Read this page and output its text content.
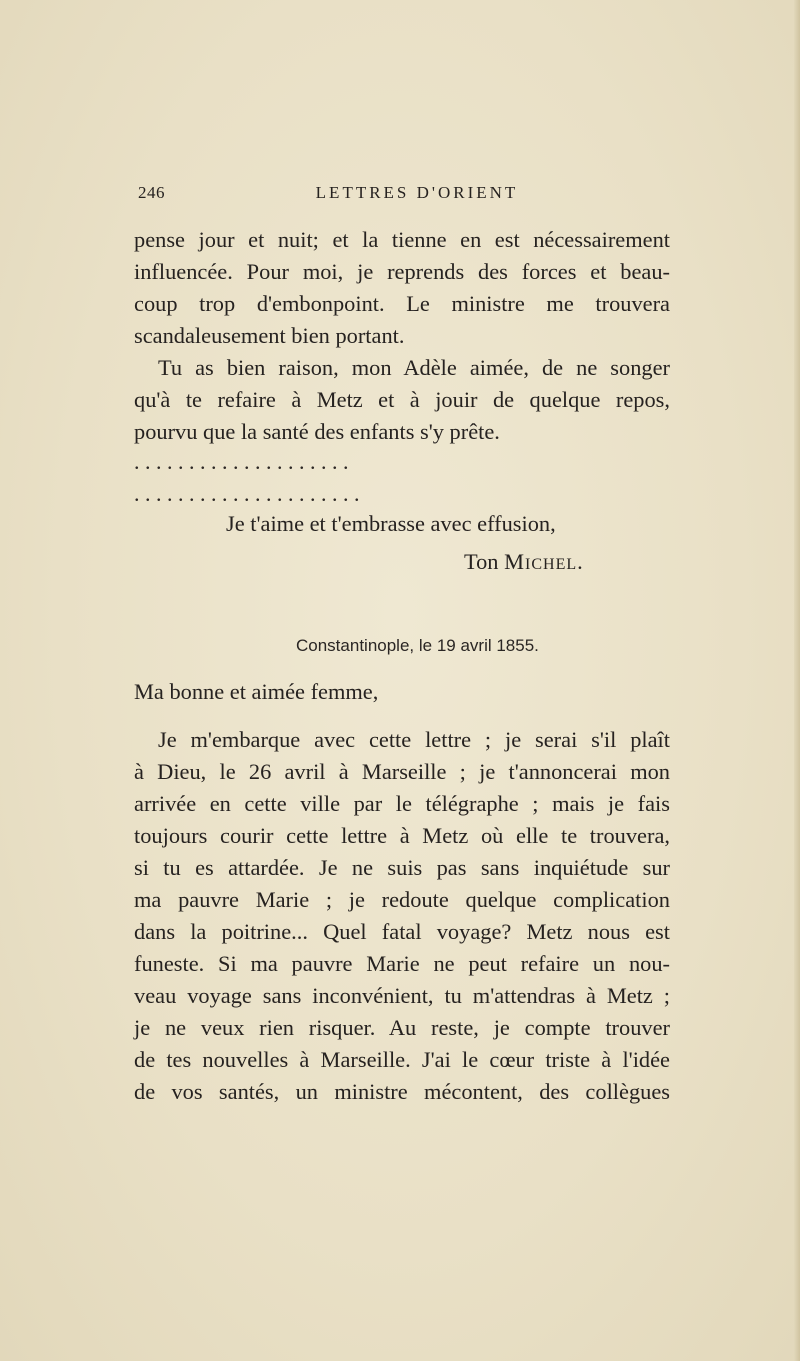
246	LETTRES D'ORIENT
pense jour et nuit; et la tienne en est nécessairement
influencée. Pour moi, je reprends des forces et beau-
coup trop d'embonpoint. Le ministre me trouvera
scandaleusement bien portant.
Tu as bien raison, mon Adèle aimée, de ne songer
qu'à te refaire à Metz et à jouir de quelque repos,
pourvu que la santé des enfants s'y prête.
. . . . . . . . . . . . . . . . . . . .
. . . . . . . . . . . . . . . . . . . . .
Je t'aime et t'embrasse avec effusion,
Ton Michel.
Constantinople, le 19 avril 1855.
Ma bonne et aimée femme,
Je m'embarque avec cette lettre ; je serai s'il plaît
à Dieu, le 26 avril à Marseille ; je t'annoncerai mon
arrivée en cette ville par le télégraphe ; mais je fais
toujours courir cette lettre à Metz où elle te trouvera,
si tu es attardée. Je ne suis pas sans inquiétude sur
ma pauvre Marie ; je redoute quelque complication
dans la poitrine... Quel fatal voyage? Metz nous est
funeste. Si ma pauvre Marie ne peut refaire un nou-
veau voyage sans inconvénient, tu m'attendras à Metz ;
je ne veux rien risquer. Au reste, je compte trouver
de tes nouvelles à Marseille. J'ai le cœur triste à l'idée
de vos santés, un ministre mécontent, des collègues
